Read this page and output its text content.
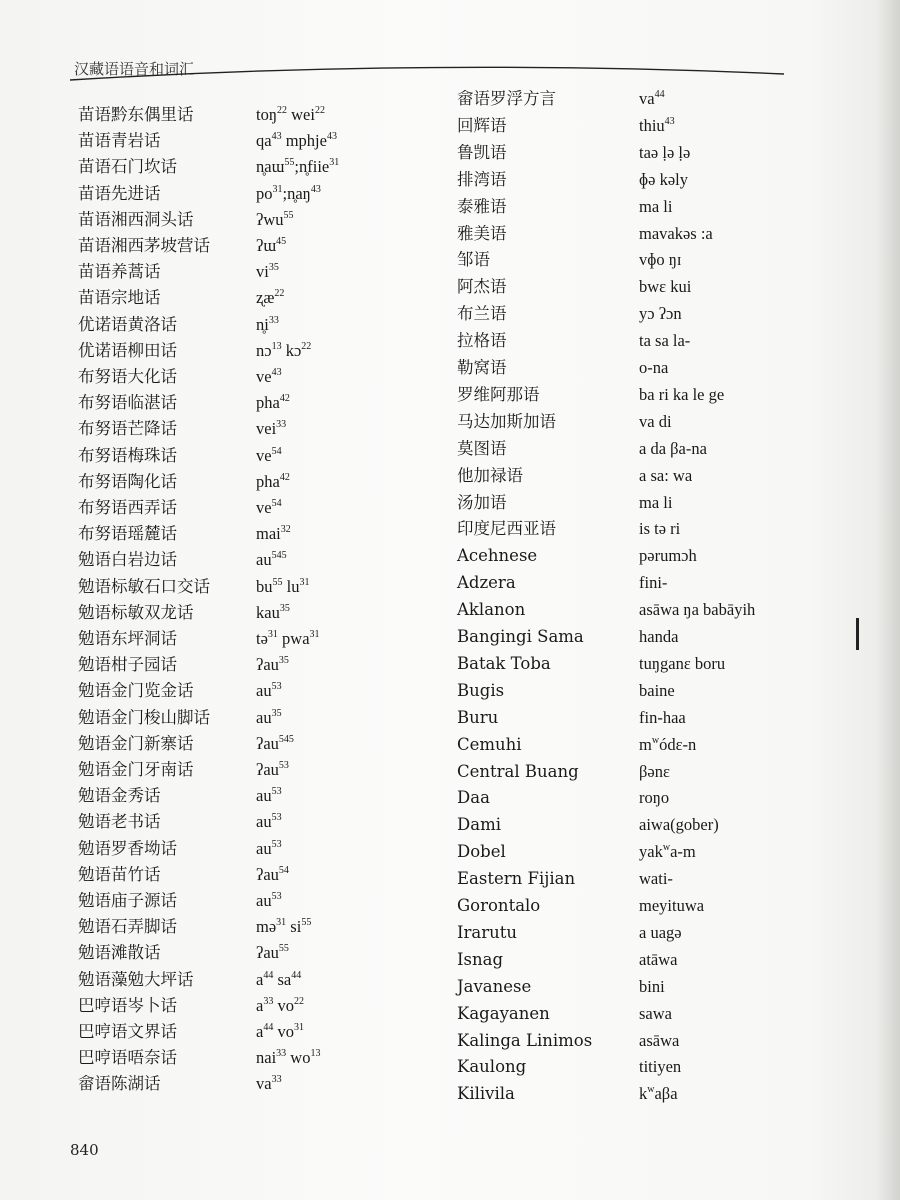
汉藏语语音和词汇
苗语黔东偶里话	toŋ$^{22}$ wei$^{22}$
苗语青岩话	$qa^{43}$ mphje$^{43}$
苗语石门坎话	n̥aɯ$^{55}$;n̥fiie$^{31}$
苗语先进话	$po^{31};n̥aŋ^{43}$
苗语湘西洞头话	ʔwu$^{55}$
苗语湘西茅坡营话	ʔɯ$^{45}$
苗语养蒿话	$vi^{35}$
苗语宗地话	ʐæ$^{22}$
优诺语黄洛话	$n̥i^{33}$
优诺语柳田话	nɔ$^{13}$ kɔ$^{22}$
布努语大化话	$ve^{43}$
布努语临湛话	pha$^{42}$
布努语芒降话	vei$^{33}$
布努语梅珠话	$ve^{54}$
布努语陶化话	pha$^{42}$
布努语西弄话	$ve^{54}$
布努语瑶麓话	mai$^{32}$
勉语白岩边话	$au^{545}$
勉语标敏石口交话	$bu^{55}$ $lu^{31}$
勉语标敏双龙话	kau$^{35}$
勉语东坪洞话	tə$^{31}$ pwa$^{31}$
勉语柑子园话	ʔau$^{35}$
勉语金门览金话	$au^{53}$
勉语金门梭山脚话	$au^{35}$
勉语金门新寨话	ʔau$^{545}$
勉语金门牙南话	ʔau$^{53}$
勉语金秀话	$au^{53}$
勉语老书话	$au^{53}$
勉语罗香坳话	$au^{53}$
勉语苗竹话	ʔau$^{54}$
勉语庙子源话	$au^{53}$
勉语石弄脚话	mə$^{31}$ $si^{55}$
勉语滩散话	ʔau$^{55}$
勉语藻勉大坪话	$a^{44}$ $sa^{44}$
巴哼语岑卜话	$a^{33}$ $vo^{22}$
巴哼语文界话	$a^{44}$ $vo^{31}$
巴哼语唔奈话	nai$^{33}$ $wo^{13}$
畲语陈湖话	$va^{33}$
畲语罗浮方言	$va^{44}$
回辉语	thiu$^{43}$
鲁凯语	taə ḷə ḷə
排湾语	ɸə kəly
泰雅语	ma li
雅美语	mavakəs :a
邹语	vɸo ŋɪ
阿杰语	bwɛ kui
布兰语	yɔ ʔɔn
拉格语	ta sa la-
勒窝语	o-na
罗维阿那语	ba ri ka le ge
马达加斯加语	va di
莫图语	a da βa-na
他加禄语	a sa: wa
汤加语	ma li
印度尼西亚语	is tə ri
Acehnese	pərumɔh
Adzera	fini-
Aklanon	asāwa ŋa babāyih
Bangingi Sama	handa
Batak Toba	tuŋganɛ boru
Bugis	baine
Buru	fin-haa
Cemuhi	$m^wódɛ-n$
Central Buang	βənɛ
Daa	roŋo
Dami	aiwa(gober)
Dobel	yak$^w$a-m
Eastern Fijian	wati-
Gorontalo	meyituwa
Irarutu	a uagə
Isnag	atāwa
Javanese	bini
Kagayanen	sawa
Kalinga Linimos	asāwa
Kaulong	titiyen
Kilivila	$k^wa\beta a$
840
